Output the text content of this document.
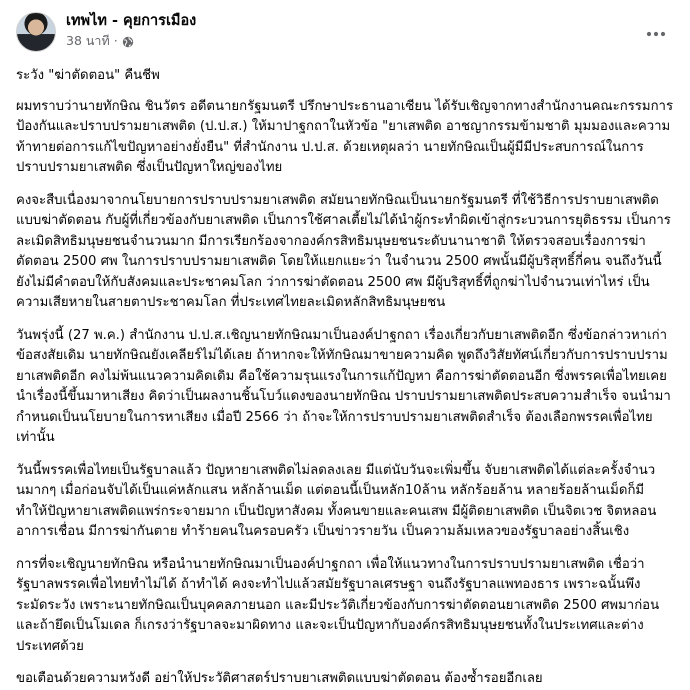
เทพไท - คุยการเมือง
38 นาที ·

ระวัง "ฆ่าตัดตอน" คืนชีพ

ผมทราบว่านายทักษิณ ชินวัตร อดีตนายกรัฐมนตรี ปรึกษาประธานอาเซียน ได้รับเชิญจากทางสำนักงานคณะกรรมการป้องกันและปราบปรามยาเสพติด (ป.ป.ส.) ให้มาปาฐกถาในหัวข้อ "ยาเสพติด อาชญากรรมข้ามชาติ มุมมองและความท้าทายต่อการแก้ไขปัญหาอย่างยั่งยืน" ที่สำนักงาน ป.ป.ส. ด้วยเหตุผลว่า นายทักษิณเป็นผู้มีมีประสบการณ์ในการปราบปรามยาเสพติด ซึ่งเป็นปัญหาใหญ่ของไทย

คงจะสืบเนื่องมาจากนโยบายการปราบปรามยาเสพติด สมัยนายทักษิณเป็นนายกรัฐมนตรี ที่ใช้วิธีการปราบยาเสพติดแบบฆ่าตัดตอน กับผู้ที่เกี่ยวข้องกับยาเสพติด เป็นการใช้ศาลเตี้ยไม่ได้นำผู้กระทำผิดเข้าสู่กระบวนการยุติธรรม เป็นการละเมิดสิทธิมนุษยชนจำนวนมาก มีการเรียกร้องจากองค์กรสิทธิมนุษยชนระดับนานาชาติ ให้ตรวจสอบเรื่องการฆ่าตัดตอน 2500 ศพ ในการปราบปรามยาเสพติด โดยให้แยกแยะว่า ในจำนวน 2500 ศพนั้นมีผู้บริสุทธิ์กี่คน จนถึงวันนี้ยังไม่มีคำตอบให้กับสังคมและประชาคมโลก ว่าการฆ่าตัดตอน 2500 ศพ มีผู้บริสุทธิ์ที่ถูกฆ่าไปจำนวนเท่าไหร่ เป็นความเสียหายในสายตาประชาคมโลก ที่ประเทศไทยละเมิดหลักสิทธิมนุษยชน

วันพรุ่งนี้ (27 พ.ค.) สำนักงาน ป.ป.ส.เชิญนายทักษิณมาเป็นองค์ปาฐกถา เรื่องเกี่ยวกับยาเสพติดอีก ซึ่งข้อกล่าวหาเก่า ข้อสงสัยเดิม นายทักษิณยังเคลียร์ไม่ได้เลย ถ้าหากจะให้ทักษิณมาขายความคิด พูดถึงวิสัยทัศน์เกี่ยวกับการปราบปรามยาเสพติดอีก คงไม่พ้นแนวความคิดเดิม คือใช้ความรุนแรงในการแก้ปัญหา คือการฆ่าตัดตอนอีก ซึ่งพรรคเพื่อไทยเคยนำเรื่องนี้ขึ้นมาหาเสียง คิดว่าเป็นผลงานชิ้นโบว์แดงของนายทักษิณ ปราบปรามยาเสพติดประสบความสำเร็จ จนนำมากำหนดเป็นนโยบายในการหาเสียง เมื่อปี 2566 ว่า ถ้าจะให้การปราบปรามยาเสพติดสำเร็จ ต้องเลือกพรรคเพื่อไทยเท่านั้น

วันนี้พรรคเพื่อไทยเป็นรัฐบาลแล้ว ปัญหายาเสพติดไม่ลดลงเลย มีแต่นับวันจะเพิ่มขึ้น จับยาเสพติดได้แต่ละครั้งจำนวนมากๆ เมื่อก่อนจับได้เป็นแค่หลักแสน หลักล้านเม็ด แต่ตอนนี้เป็นหลัก10ล้าน หลักร้อยล้าน หลายร้อยล้านเม็ดก็มี ทำให้ปัญหายาเสพติดแพร่กระจายมาก เป็นปัญหาสังคม ทั้งคนขายและคนเสพ มีผู้ติดยาเสพติด เป็นจิตเวช จิตหลอน อาการเชื่อน มีการฆ่ากันตาย ทำร้ายคนในครอบครัว เป็นข่าวรายวัน เป็นความล้มเหลวของรัฐบาลอย่างสิ้นเชิง

การที่จะเชิญนายทักษิณ หรือนำนายทักษิณมาเป็นองค์ปาฐกถา เพื่อให้แนวทางในการปราบปรามยาเสพติด เชื่อว่ารัฐบาลพรรคเพื่อไทยทำไม่ได้ ถ้าทำได้ คงจะทำไปแล้วสมัยรัฐบาลเศรษฐา จนถึงรัฐบาลแพทองธาร เพราะฉนั้นพึงระมัดระวัง เพราะนายทักษิณเป็นบุคคลภายนอก และมีประวัติเกี่ยวข้องกับการฆ่าตัดตอนยาเสพติด 2500 ศพมาก่อน และถ้ายึดเป็นโมเดล ก็เกรงว่ารัฐบาลจะมาผิดทาง และจะเป็นปัญหากับองค์กรสิทธิมนุษยชนทั้งในประเทศและต่างประเทศด้วย

ขอเตือนด้วยความหวังดี อย่าให้ประวัติศาสตร์ปราบยาเสพติดแบบฆ่าตัดตอน ต้องซ้ำรอยอีกเลย
